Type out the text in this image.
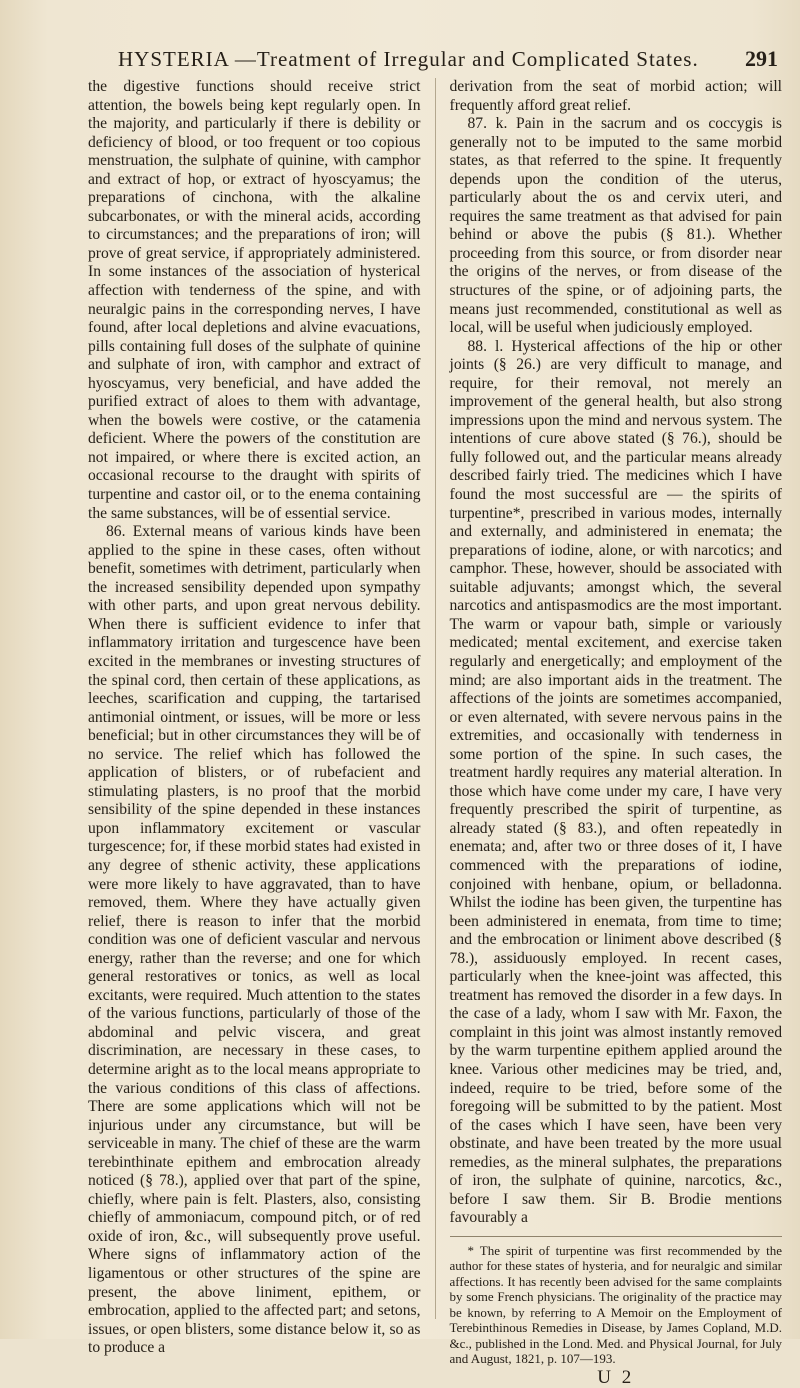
HYSTERIA —Treatment of Irregular and Complicated States. 291

the digestive functions should receive strict attention, the bowels being kept regularly open. In the majority, and particularly if there is debility or deficiency of blood, or too frequent or too copious menstruation, the sulphate of quinine, with camphor and extract of hop, or extract of hyoscyamus; the preparations of cinchona, with the alkaline subcarbonates, or with the mineral acids, according to circumstances; and the preparations of iron; will prove of great service, if appropriately administered. In some instances of the association of hysterical affection with tenderness of the spine, and with neuralgic pains in the corresponding nerves, I have found, after local depletions and alvine evacuations, pills containing full doses of the sulphate of quinine and sulphate of iron, with camphor and extract of hyoscyamus, very beneficial, and have added the purified extract of aloes to them with advantage, when the bowels were costive, or the catamenia deficient. Where the powers of the constitution are not impaired, or where there is excited action, an occasional recourse to the draught with spirits of turpentine and castor oil, or to the enema containing the same substances, will be of essential service.

86. External means of various kinds have been applied to the spine in these cases, often without benefit, sometimes with detriment, particularly when the increased sensibility depended upon sympathy with other parts, and upon great nervous debility. When there is sufficient evidence to infer that inflammatory irritation and turgescence have been excited in the membranes or investing structures of the spinal cord, then certain of these applications, as leeches, scarification and cupping, the tartarised antimonial ointment, or issues, will be more or less beneficial; but in other circumstances they will be of no service. The relief which has followed the application of blisters, or of rubefacient and stimulating plasters, is no proof that the morbid sensibility of the spine depended in these instances upon inflammatory excitement or vascular turgescence; for, if these morbid states had existed in any degree of sthenic activity, these applications were more likely to have aggravated, than to have removed, them. Where they have actually given relief, there is reason to infer that the morbid condition was one of deficient vascular and nervous energy, rather than the reverse; and one for which general restoratives or tonics, as well as local excitants, were required. Much attention to the states of the various functions, particularly of those of the abdominal and pelvic viscera, and great discrimination, are necessary in these cases, to determine aright as to the local means appropriate to the various conditions of this class of affections. There are some applications which will not be injurious under any circumstance, but will be serviceable in many. The chief of these are the warm terebinthinate epithem and embrocation already noticed (§ 78.), applied over that part of the spine, chiefly, where pain is felt. Plasters, also, consisting chiefly of ammoniacum, compound pitch, or of red oxide of iron, &c., will subsequently prove useful. Where signs of inflammatory action of the ligamentous or other structures of the spine are present, the above liniment, epithem, or embrocation, applied to the affected part; and setons, issues, or open blisters, some distance below it, so as to produce a

derivation from the seat of morbid action; will frequently afford great relief.

87. k. Pain in the sacrum and os coccygis is generally not to be imputed to the same morbid states, as that referred to the spine. It frequently depends upon the condition of the uterus, particularly about the os and cervix uteri, and requires the same treatment as that advised for pain behind or above the pubis (§ 81.). Whether proceeding from this source, or from disorder near the origins of the nerves, or from disease of the structures of the spine, or of adjoining parts, the means just recommended, constitutional as well as local, will be useful when judiciously employed.

88. l. Hysterical affections of the hip or other joints (§ 26.) are very difficult to manage, and require, for their removal, not merely an improvement of the general health, but also strong impressions upon the mind and nervous system. The intentions of cure above stated (§ 76.), should be fully followed out, and the particular means already described fairly tried. The medicines which I have found the most successful are — the spirits of turpentine*, prescribed in various modes, internally and externally, and administered in enemata; the preparations of iodine, alone, or with narcotics; and camphor. These, however, should be associated with suitable adjuvants; amongst which, the several narcotics and antispasmodics are the most important. The warm or vapour bath, simple or variously medicated; mental excitement, and exercise taken regularly and energetically; and employment of the mind; are also important aids in the treatment. The affections of the joints are sometimes accompanied, or even alternated, with severe nervous pains in the extremities, and occasionally with tenderness in some portion of the spine. In such cases, the treatment hardly requires any material alteration. In those which have come under my care, I have very frequently prescribed the spirit of turpentine, as already stated (§ 83.), and often repeatedly in enemata; and, after two or three doses of it, I have commenced with the preparations of iodine, conjoined with henbane, opium, or belladonna. Whilst the iodine has been given, the turpentine has been administered in enemata, from time to time; and the embrocation or liniment above described (§ 78.), assiduously employed. In recent cases, particularly when the knee-joint was affected, this treatment has removed the disorder in a few days. In the case of a lady, whom I saw with Mr. Faxon, the complaint in this joint was almost instantly removed by the warm turpentine epithem applied around the knee. Various other medicines may be tried, and, indeed, require to be tried, before some of the foregoing will be submitted to by the patient. Most of the cases which I have seen, have been very obstinate, and have been treated by the more usual remedies, as the mineral sulphates, the preparations of iron, the sulphate of quinine, narcotics, &c., before I saw them. Sir B. Brodie mentions favourably a

* The spirit of turpentine was first recommended by the author for these states of hysteria, and for neuralgic and similar affections. It has recently been advised for the same complaints by some French physicians. The originality of the practice may be known, by referring to A Memoir on the Employment of Terebinthinous Remedies in Disease, by James Copland, M.D. &c., published in the Lond. Med. and Physical Journal, for July and August, 1821, p. 107—193.

U 2
